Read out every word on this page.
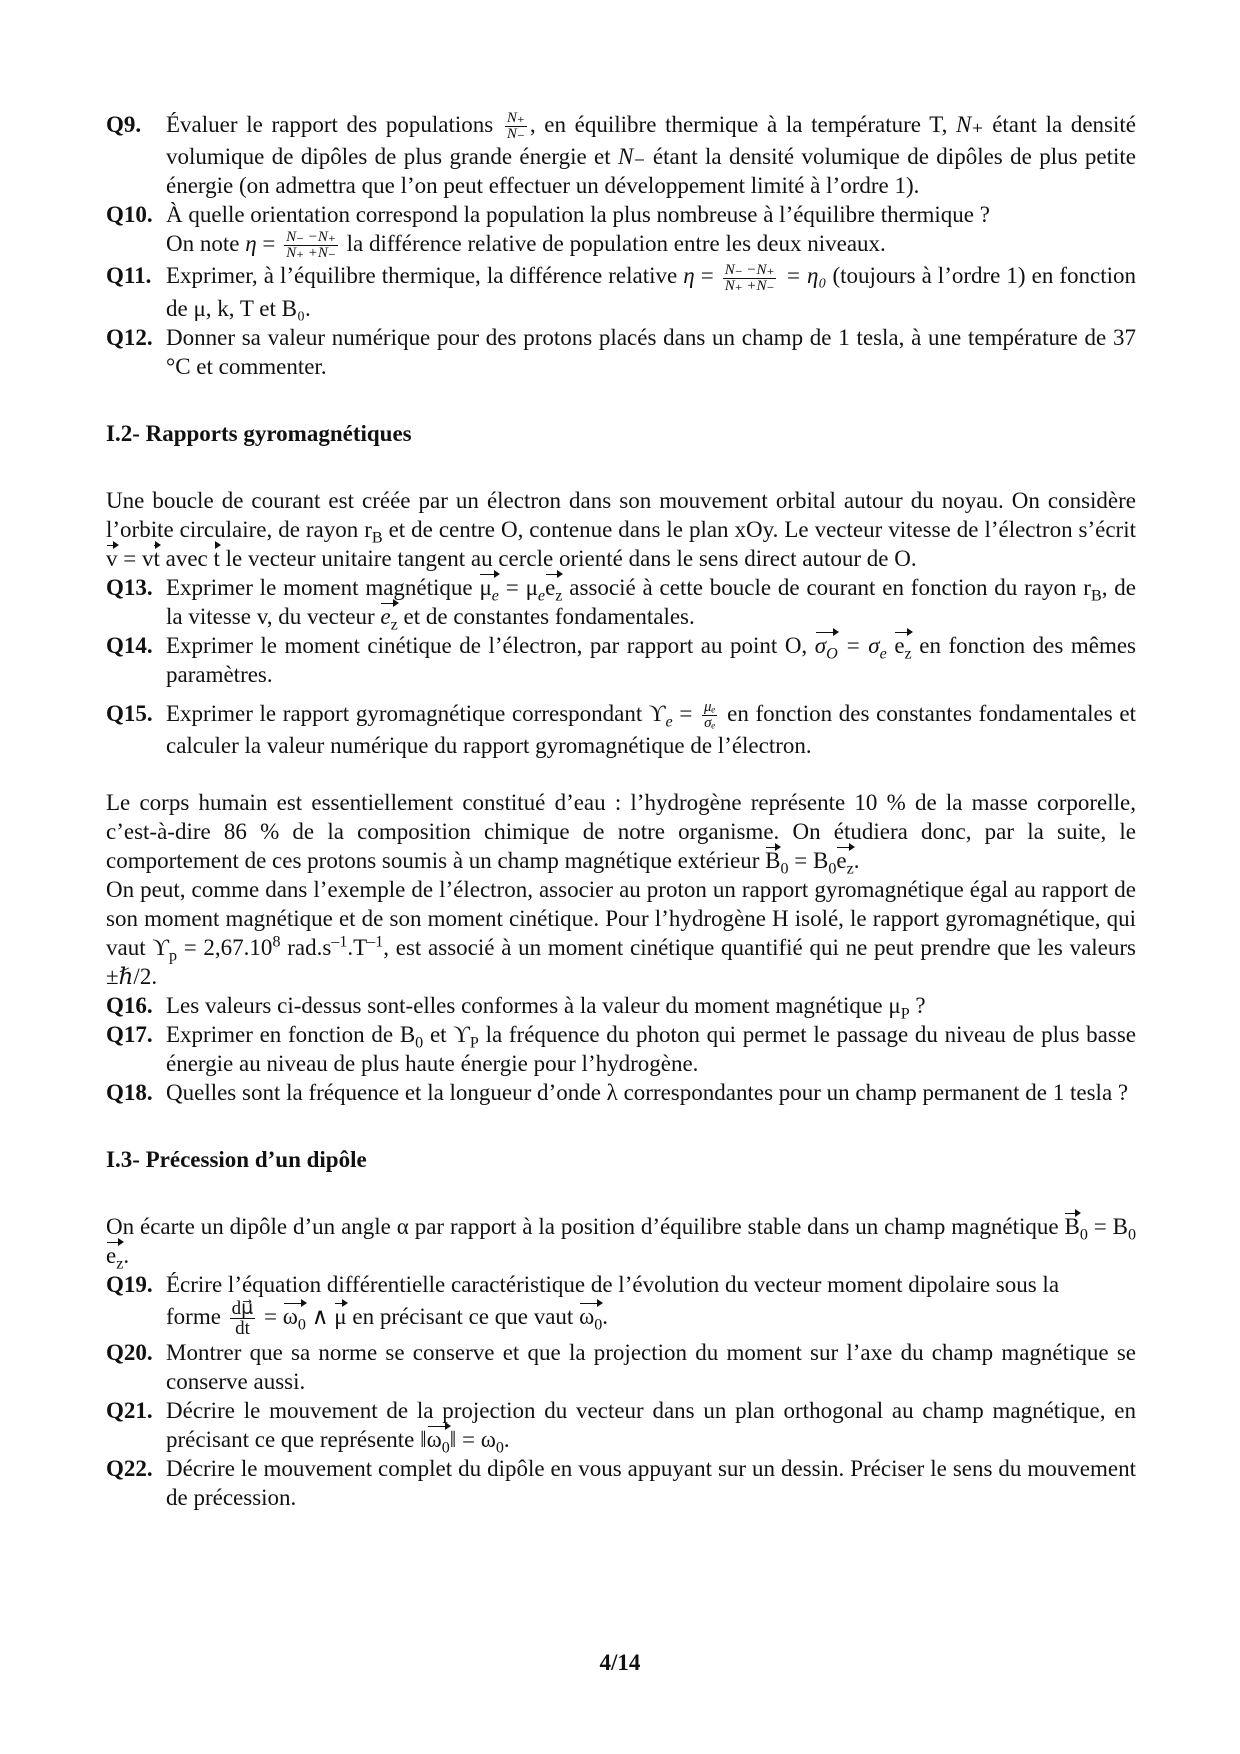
Q9. Évaluer le rapport des populations $\frac{N_+}{N_-}$ , en équilibre thermique à la température T, N₊ étant la densité volumique de dipôles de plus grande énergie et N₋ étant la densité volumique de dipôles de plus petite énergie (on admettra que l’on peut effectuer un développement limité à l’ordre 1).

Q10. À quelle orientation correspond la population la plus nombreuse à l’équilibre thermique ?
On note $\eta = \frac{N_- -N_+}{N_+ +N_-}$ la différence relative de population entre les deux niveaux.

Q11. Exprimer, à l’équilibre thermique, la différence relative $\eta = \frac{N_- -N_+}{N_+ +N_-} = \eta_0$ (toujours à l’ordre 1) en fonction de μ, k, T et B₀.

Q12. Donner sa valeur numérique pour des protons placés dans un champ de 1 tesla, à une température de 37 °C et commenter.

I.2- Rapports gyromagnétiques

Une boucle de courant est créée par un électron dans son mouvement orbital autour du noyau. On considère l’orbite circulaire, de rayon $r_B$ et de centre O, contenue dans le plan xOy. Le vecteur vitesse de l’électron s’écrit v = vt avec t le vecteur unitaire tangent au cercle orienté dans le sens direct autour de O.

Q13. Exprimer le moment magnétique $\mu_e = \mu_ee_z$ associé à cette boucle de courant en fonction du rayon $r_B$, de la vitesse v, du vecteur $e_z$ et de constantes fondamentales.

Q14. Exprimer le moment cinétique de l’électron, par rapport au point O, $\sigma_O = \sigma_e$ $e_z$ en fonction des mêmes paramètres.

Q15. Exprimer le rapport gyromagnétique correspondant $ϒ_e = \frac{\text{μₑ}}{\text{σₑ}}$ en fonction des constantes fondamentales et calculer la valeur numérique du rapport gyromagnétique de l’électron.

Le corps humain est essentiellement constitué d’eau : l’hydrogène représente 10 % de la masse corporelle, c’est-à-dire 86 % de la composition chimique de notre organisme. On étudiera donc, par la suite, le comportement de ces protons soumis à un champ magnétique extérieur $B_0 = B_0e_z$.

On peut, comme dans l’exemple de l’électron, associer au proton un rapport gyromagnétique égal au rapport de son moment magnétique et de son moment cinétique. Pour l’hydrogène H isolé, le rapport gyromagnétique, qui vaut $ϒ_p = 2,67.10^8$ $rad.s^{-1}.T^{-1}$, est associé à un moment cinétique quantifié qui ne peut prendre que les valeurs ±ℏ/2.

Q16. Les valeurs ci-dessus sont-elles conformes à la valeur du moment magnétique $\mu_P$ ?

Q17. Exprimer en fonction de $B_0$ et $ϒ_P$ la fréquence du photon qui permet le passage du niveau de plus basse énergie au niveau de plus haute énergie pour l’hydrogène.

Q18. Quelles sont la fréquence et la longueur d’onde λ correspondantes pour un champ permanent de 1 tesla ?

I.3- Précession d’un dipôle

On écarte un dipôle d’un angle α par rapport à la position d’équilibre stable dans un champ magnétique $B_0 = B_0e_z$.

Q19. Écrire l’équation différentielle caractéristique de l’évolution du vecteur moment dipolaire sous la
forme $\frac{d\mu⃗}{dt} = \omega_0$ ∧ μ en précisant ce que vaut $\omega_0$.

Q20. Montrer que sa norme se conserve et que la projection du moment sur l’axe du champ magnétique se conserve aussi.

Q21. Décrire le mouvement de la projection du vecteur dans un plan orthogonal au champ magnétique, en précisant ce que représente $‖\omega_0‖ = \omega_0$.

Q22. Décrire le mouvement complet du dipôle en vous appuyant sur un dessin. Préciser le sens du mouvement de précession.

4/14
